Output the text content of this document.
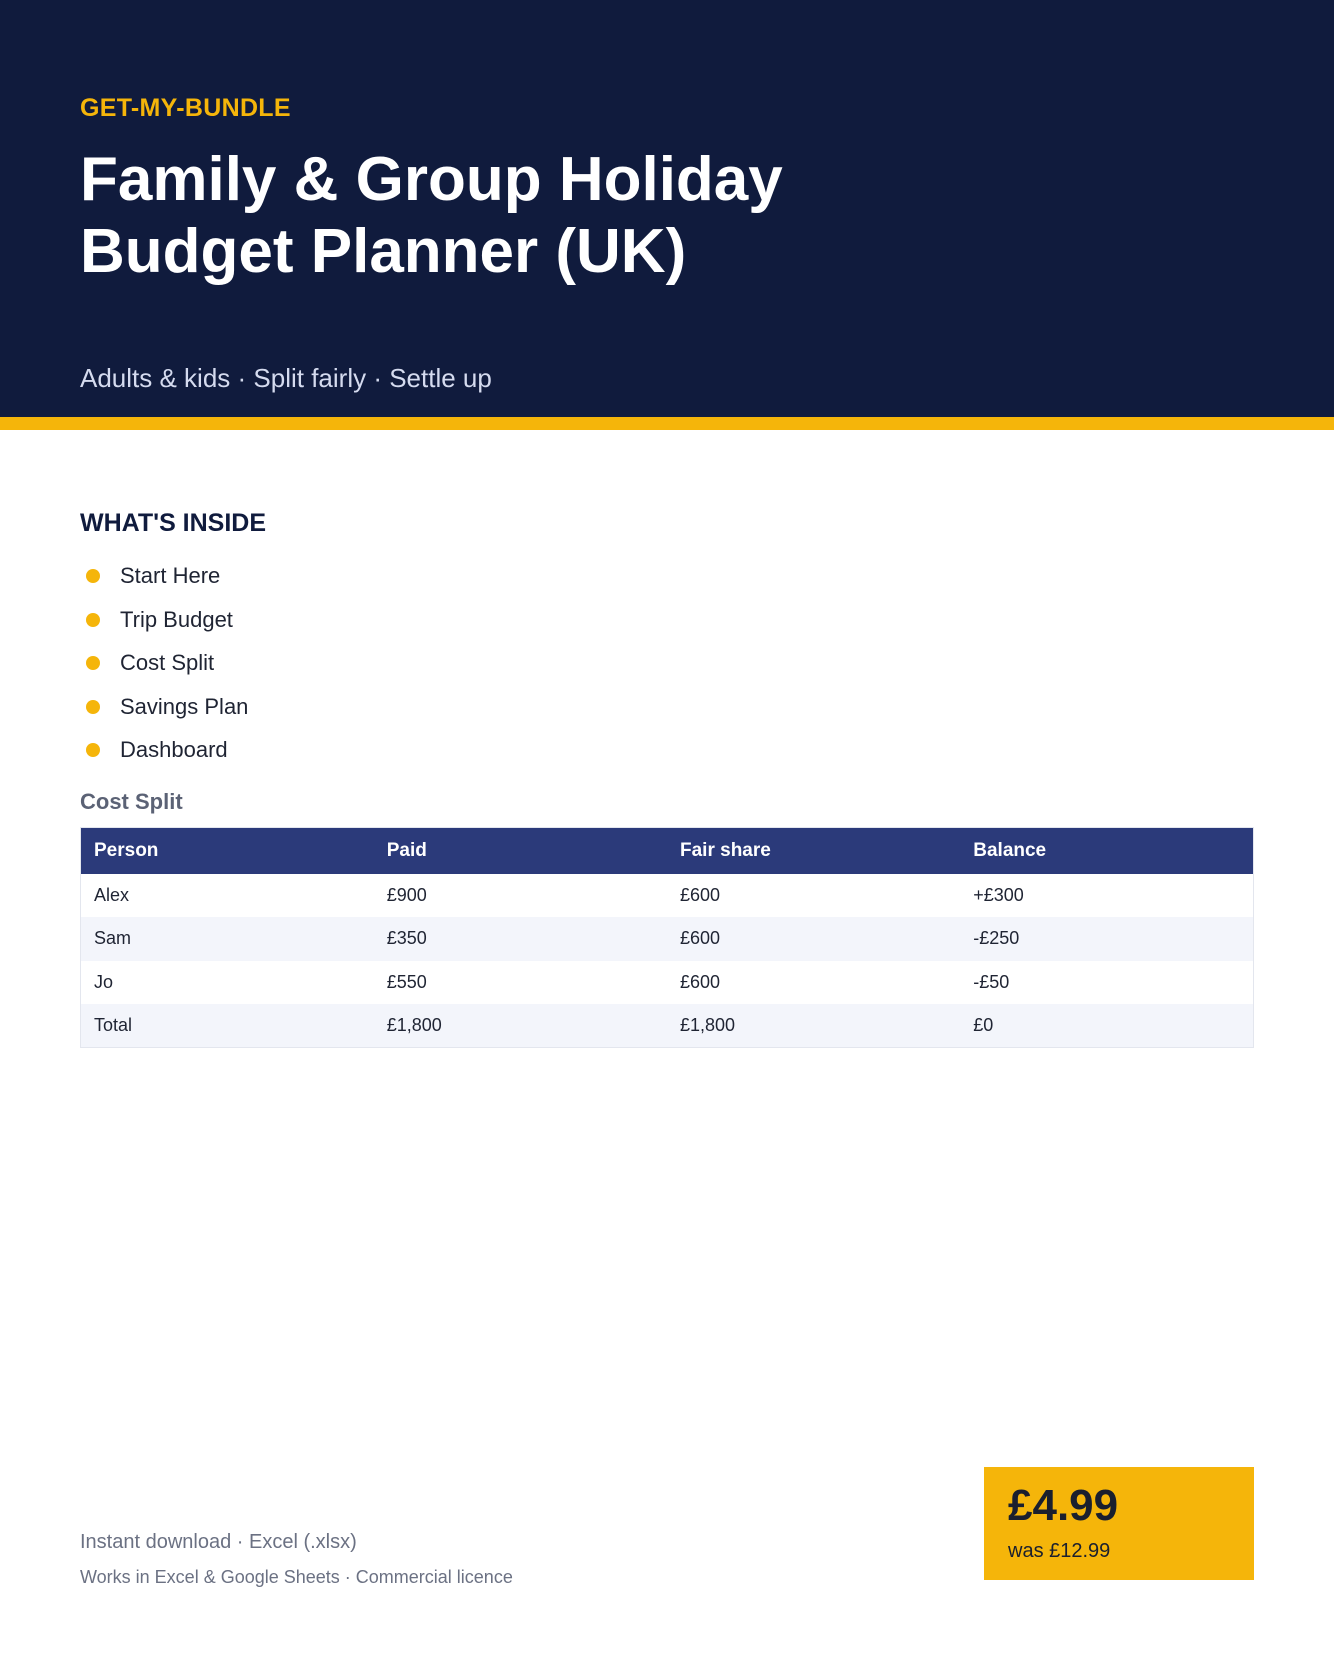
GET-MY-BUNDLE
Family & Group Holiday
Budget Planner (UK)
Adults & kids · Split fairly · Settle up
WHAT'S INSIDE
Start Here
Trip Budget
Cost Split
Savings Plan
Dashboard
Cost Split
Person	Paid	Fair share	Balance
Alex	£900	£600	+£300
Sam	£350	£600	-£250
Jo	£550	£600	-£50
Total	£1,800	£1,800	£0
Instant download · Excel (.xlsx)
Works in Excel & Google Sheets · Commercial licence
£4.99
was £12.99
